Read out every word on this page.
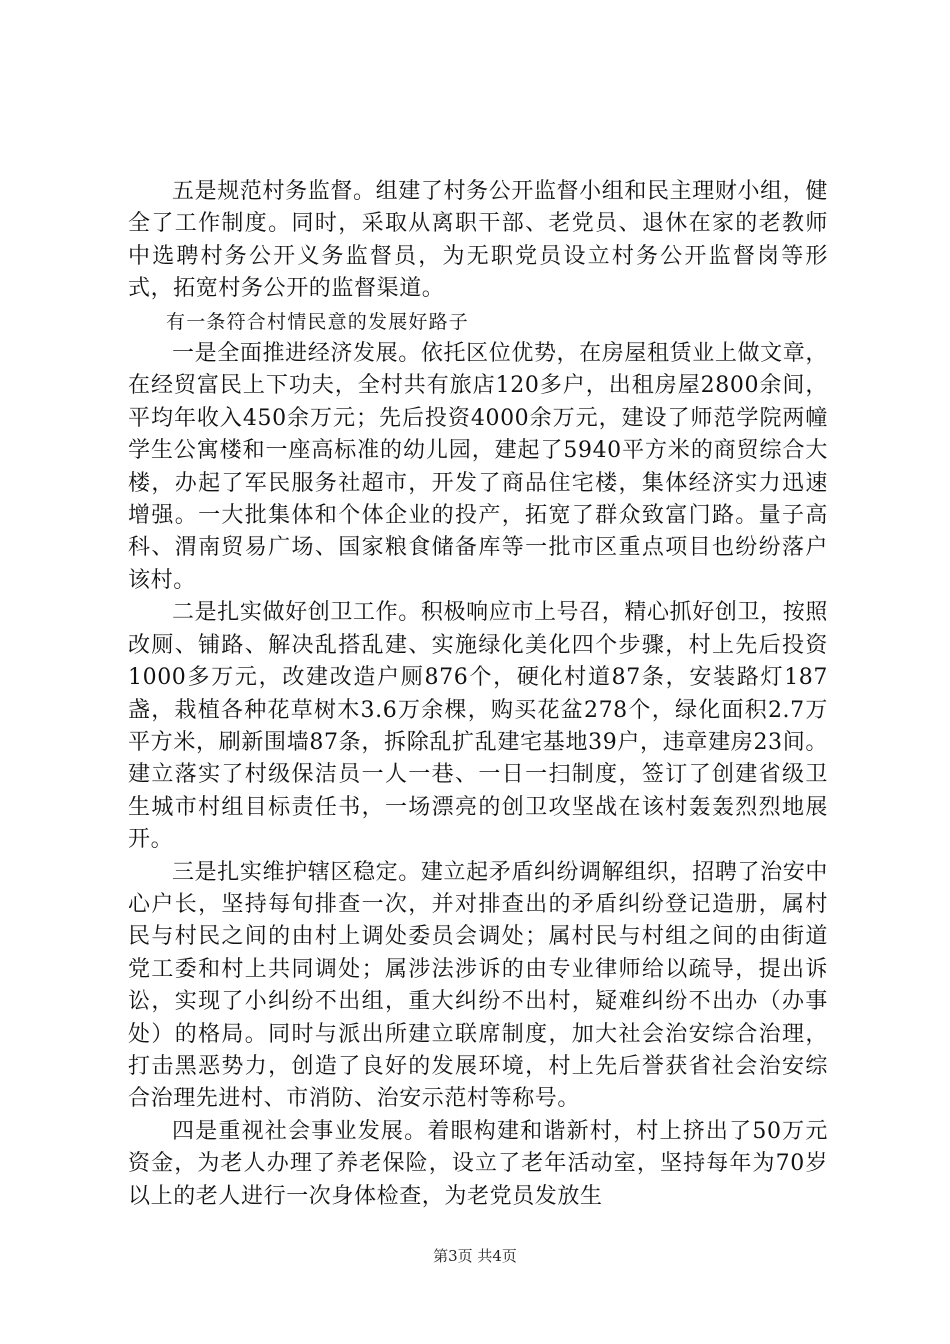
五是规范村务监督。组建了村务公开监督小组和民主理财小组，健全了工作制度。同时，采取从离职干部、老党员、退休在家的老教师中选聘村务公开义务监督员，为无职党员设立村务公开监督岗等形式，拓宽村务公开的监督渠道。

有一条符合村情民意的发展好路子

一是全面推进经济发展。依托区位优势，在房屋租赁业上做文章，在经贸富民上下功夫，全村共有旅店120多户，出租房屋2800余间，平均年收入450余万元；先后投资4000余万元，建设了师范学院两幢学生公寓楼和一座高标准的幼儿园，建起了5940平方米的商贸综合大楼，办起了军民服务社超市，开发了商品住宅楼，集体经济实力迅速增强。一大批集体和个体企业的投产，拓宽了群众致富门路。量子高科、渭南贸易广场、国家粮食储备库等一批市区重点项目也纷纷落户该村。

二是扎实做好创卫工作。积极响应市上号召，精心抓好创卫，按照改厕、铺路、解决乱搭乱建、实施绿化美化四个步骤，村上先后投资1000多万元，改建改造户厕876个，硬化村道87条，安装路灯187盏，栽植各种花草树木3.6万余棵，购买花盆278个，绿化面积2.7万平方米，刷新围墙87条，拆除乱扩乱建宅基地39户，违章建房23间。建立落实了村级保洁员一人一巷、一日一扫制度，签订了创建省级卫生城市村组目标责任书，一场漂亮的创卫攻坚战在该村轰轰烈烈地展开。

三是扎实维护辖区稳定。建立起矛盾纠纷调解组织，招聘了治安中心户长，坚持每旬排查一次，并对排查出的矛盾纠纷登记造册，属村民与村民之间的由村上调处委员会调处；属村民与村组之间的由街道党工委和村上共同调处；属涉法涉诉的由专业律师给以疏导，提出诉讼，实现了小纠纷不出组，重大纠纷不出村，疑难纠纷不出办（办事处）的格局。同时与派出所建立联席制度，加大社会治安综合治理，打击黑恶势力，创造了良好的发展环境，村上先后誉获省社会治安综合治理先进村、市消防、治安示范村等称号。

四是重视社会事业发展。着眼构建和谐新村，村上挤出了50万元资金，为老人办理了养老保险，设立了老年活动室，坚持每年为70岁以上的老人进行一次身体检查，为老党员发放生

第3页 共4页
